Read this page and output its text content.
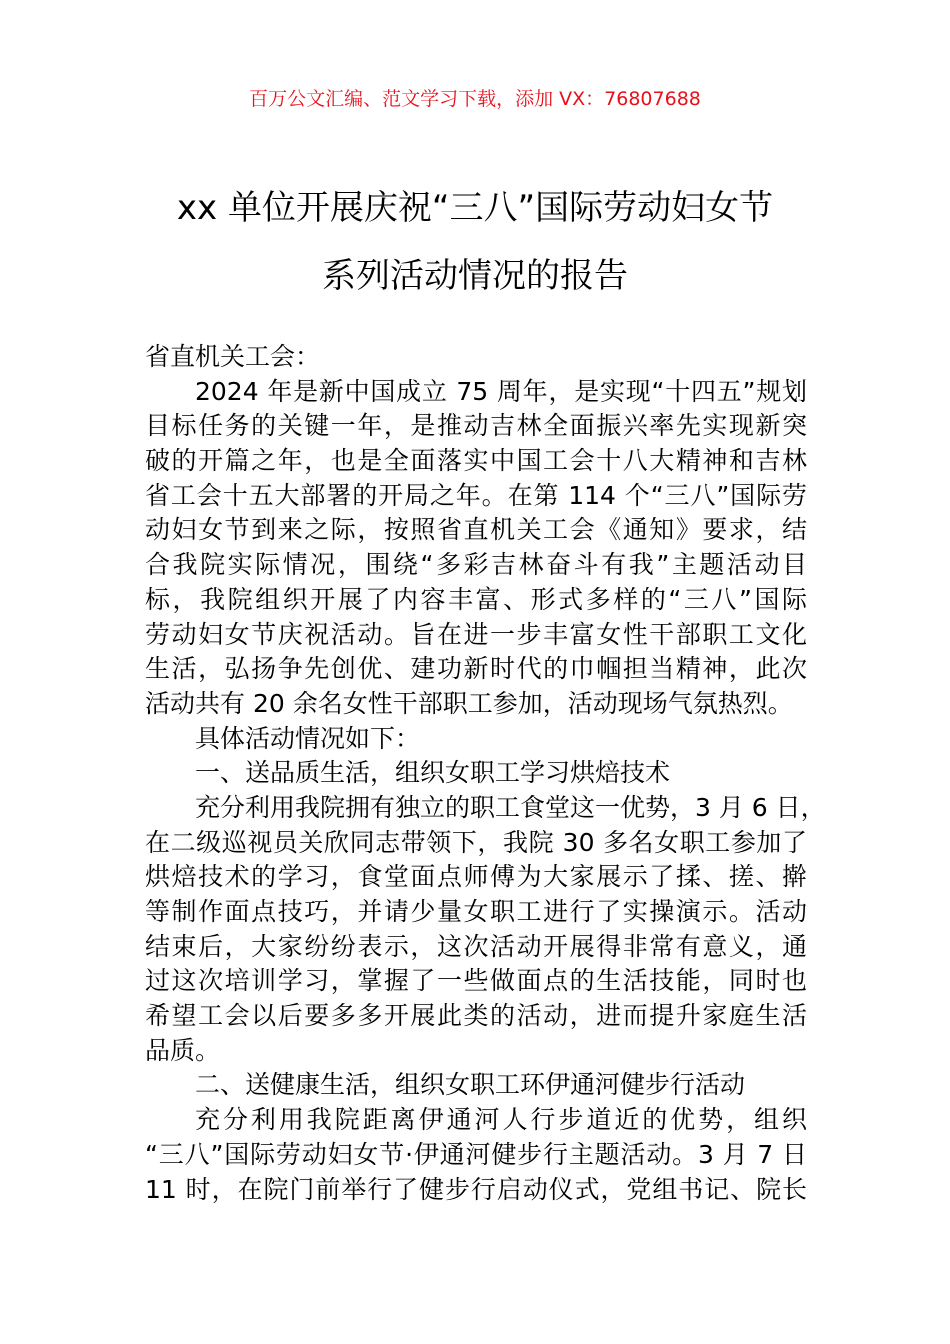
百万公文汇编、范文学习下载，添加 VX：76807688
xx 单位开展庆祝“三八”国际劳动妇女节
系列活动情况的报告
省直机关工会：
2024 年是新中国成立 75 周年，是实现“十四五”规划
目标任务的关键一年，是推动吉林全面振兴率先实现新突
破的开篇之年，也是全面落实中国工会十八大精神和吉林
省工会十五大部署的开局之年。在第 114 个“三八”国际劳
动妇女节到来之际，按照省直机关工会《通知》要求，结
合我院实际情况，围绕“多彩吉林奋斗有我”主题活动目
标，我院组织开展了内容丰富、形式多样的“三八”国际
劳动妇女节庆祝活动。旨在进一步丰富女性干部职工文化
生活，弘扬争先创优、建功新时代的巾帼担当精神，此次
活动共有 20 余名女性干部职工参加，活动现场气氛热烈。
具体活动情况如下：
一、送品质生活，组织女职工学习烘焙技术
充分利用我院拥有独立的职工食堂这一优势，3 月 6 日，
在二级巡视员关欣同志带领下，我院 30 多名女职工参加了
烘焙技术的学习，食堂面点师傅为大家展示了揉、搓、擀
等制作面点技巧，并请少量女职工进行了实操演示。活动
结束后，大家纷纷表示，这次活动开展得非常有意义，通
过这次培训学习，掌握了一些做面点的生活技能，同时也
希望工会以后要多多开展此类的活动，进而提升家庭生活
品质。
二、送健康生活，组织女职工环伊通河健步行活动
充分利用我院距离伊通河人行步道近的优势，组织
“三八”国际劳动妇女节·伊通河健步行主题活动。3 月 7 日
11 时，在院门前举行了健步行启动仪式，党组书记、院长
